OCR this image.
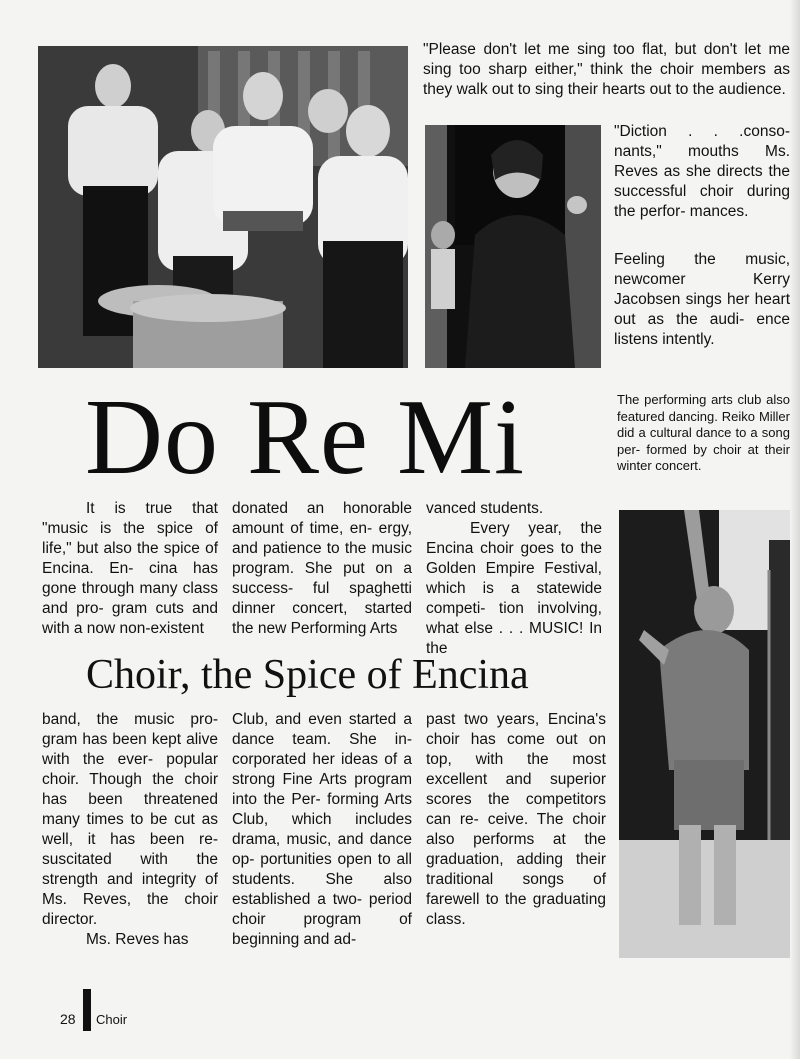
"Please don't let me sing too flat, but don't let me sing too sharp either," think the choir members as they walk out to sing their hearts out to the audience.
"Diction . . .conso- nants," mouths Ms. Reves as she directs the successful choir during the perfor- mances.
Feeling the music, newcomer Kerry Jacobsen sings her heart out as the audi- ence listens intently.
The performing arts club also featured dancing. Reiko Miller did a cultural dance to a song per- formed by choir at their winter concert.
Do Re Mi

It is true that "music is the spice of life," but also the spice of Encina. En- cina has gone through many class and pro- gram cuts and with a now non-existent

donated an honorable amount of time, en- ergy, and patience to the music program. She put on a success- ful spaghetti dinner concert, started the new Performing Arts

vanced students.

Every year, the Encina choir goes to the Golden Empire Festival, which is a statewide competi- tion involving, what else . . . MUSIC! In the

Choir, the Spice of Encina

band, the music pro- gram has been kept alive with the ever- popular choir. Though the choir has been threatened many times to be cut as well, it has been re- suscitated with the strength and integrity of Ms. Reves, the choir director.

Ms. Reves has

Club, and even started a dance team. She in- corporated her ideas of a strong Fine Arts program into the Per- forming Arts Club, which includes drama, music, and dance op- portunities open to all students. She also established a two- period choir program of beginning and ad-

past two years, Encina's choir has come out on top, with the most excellent and superior scores the competitors can re- ceive. The choir also performs at the graduation, adding their traditional songs of farewell to the graduating class.

28 Choir
